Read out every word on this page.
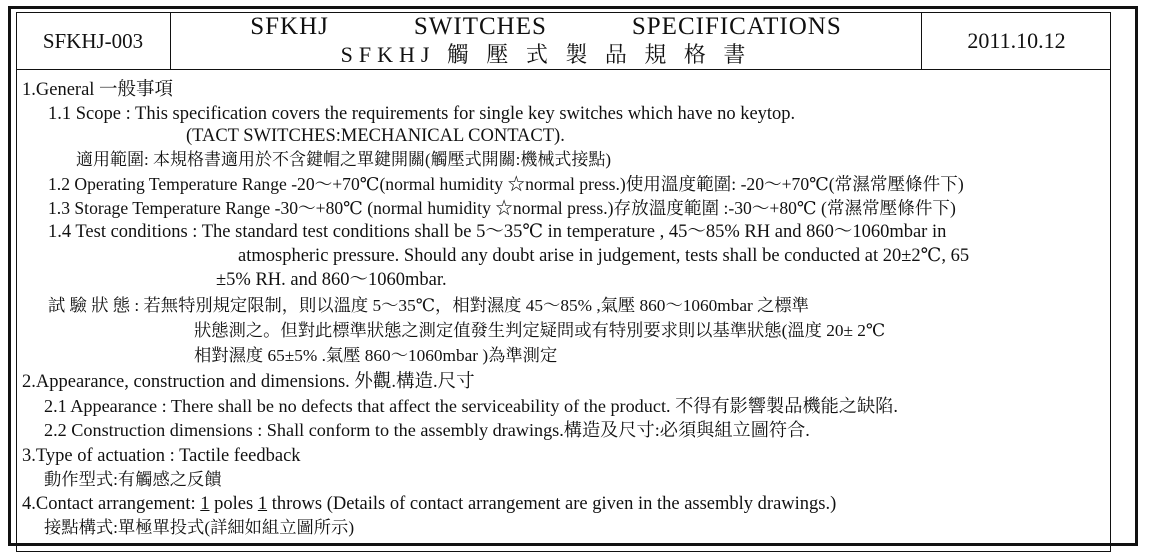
SFKHJ-003
SFKHJ    SWITCHES    SPECIFICATIONS
SFKHJ 觸 壓 式 製 品 規 格 書
2011.10.12
1.General 一般事項
1.1 Scope : This specification covers the requirements for single key switches which have no keytop.
(TACT SWITCHES:MECHANICAL CONTACT).
適用範圍: 本規格書適用於不含鍵帽之單鍵開關(觸壓式開關:機械式接點)
1.2 Operating Temperature Range -20～+70℃(normal humidity ☆normal press.)使用溫度範圍: -20～+70℃(常濕常壓條件下)
1.3 Storage Temperature Range -30～+80℃ (normal humidity ☆normal press.)存放溫度範圍 :-30～+80℃ (常濕常壓條件下)
1.4 Test conditions : The standard test conditions shall be 5～35℃ in temperature , 45～85% RH and 860～1060mbar in
atmospheric pressure. Should any doubt arise in judgement, tests shall be conducted at 20±2℃, 65
±5% RH. and 860～1060mbar.
試 驗 狀 態 : 若無特別規定限制，則以溫度 5～35℃，相對濕度 45～85% ,氣壓 860～1060mbar 之標準
狀態測之。但對此標準狀態之測定值發生判定疑問或有特別要求則以基準狀態(溫度 20± 2℃
相對濕度 65±5% .氣壓 860～1060mbar )為準測定
2.Appearance, construction and dimensions. 外觀.構造.尺寸
2.1 Appearance : There shall be no defects that affect the serviceability of the product. 不得有影響製品機能之缺陷.
2.2 Construction dimensions : Shall conform to the assembly drawings.構造及尺寸:必須與組立圖符合.
3.Type of actuation : Tactile feedback
動作型式:有觸感之反饋
4.Contact arrangement: 1 poles 1 throws (Details of contact arrangement are given in the assembly drawings.)
接點構式:單極單投式(詳細如組立圖所示)
